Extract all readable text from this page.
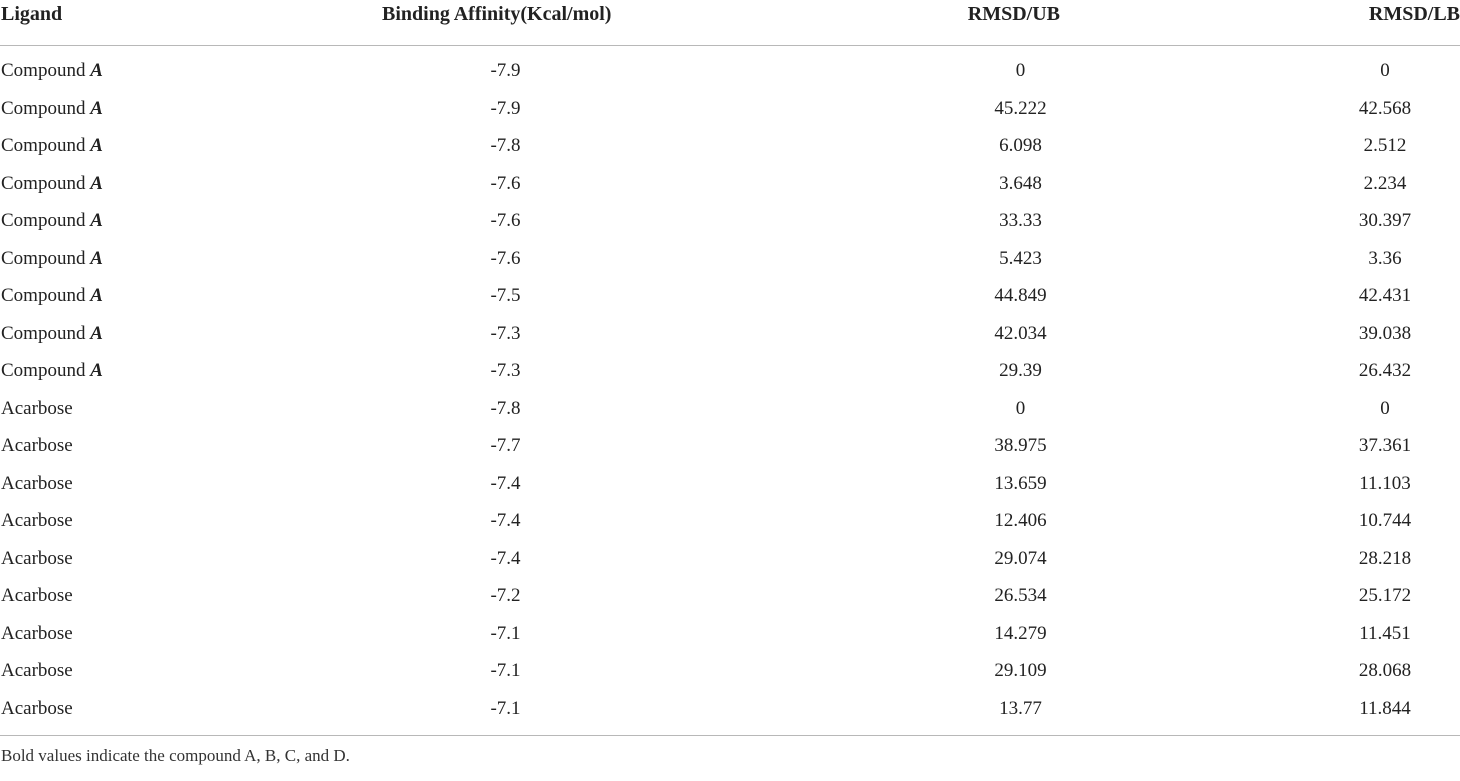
Ligand	Binding Affinity(Kcal/mol)	RMSD/UB	RMSD/LB
Compound A	-7.9	0	0
Compound A	-7.9	45.222	42.568
Compound A	-7.8	6.098	2.512
Compound A	-7.6	3.648	2.234
Compound A	-7.6	33.33	30.397
Compound A	-7.6	5.423	3.36
Compound A	-7.5	44.849	42.431
Compound A	-7.3	42.034	39.038
Compound A	-7.3	29.39	26.432
Acarbose	-7.8	0	0
Acarbose	-7.7	38.975	37.361
Acarbose	-7.4	13.659	11.103
Acarbose	-7.4	12.406	10.744
Acarbose	-7.4	29.074	28.218
Acarbose	-7.2	26.534	25.172
Acarbose	-7.1	14.279	11.451
Acarbose	-7.1	29.109	28.068
Acarbose	-7.1	13.77	11.844
Bold values indicate the compound A, B, C, and D.
